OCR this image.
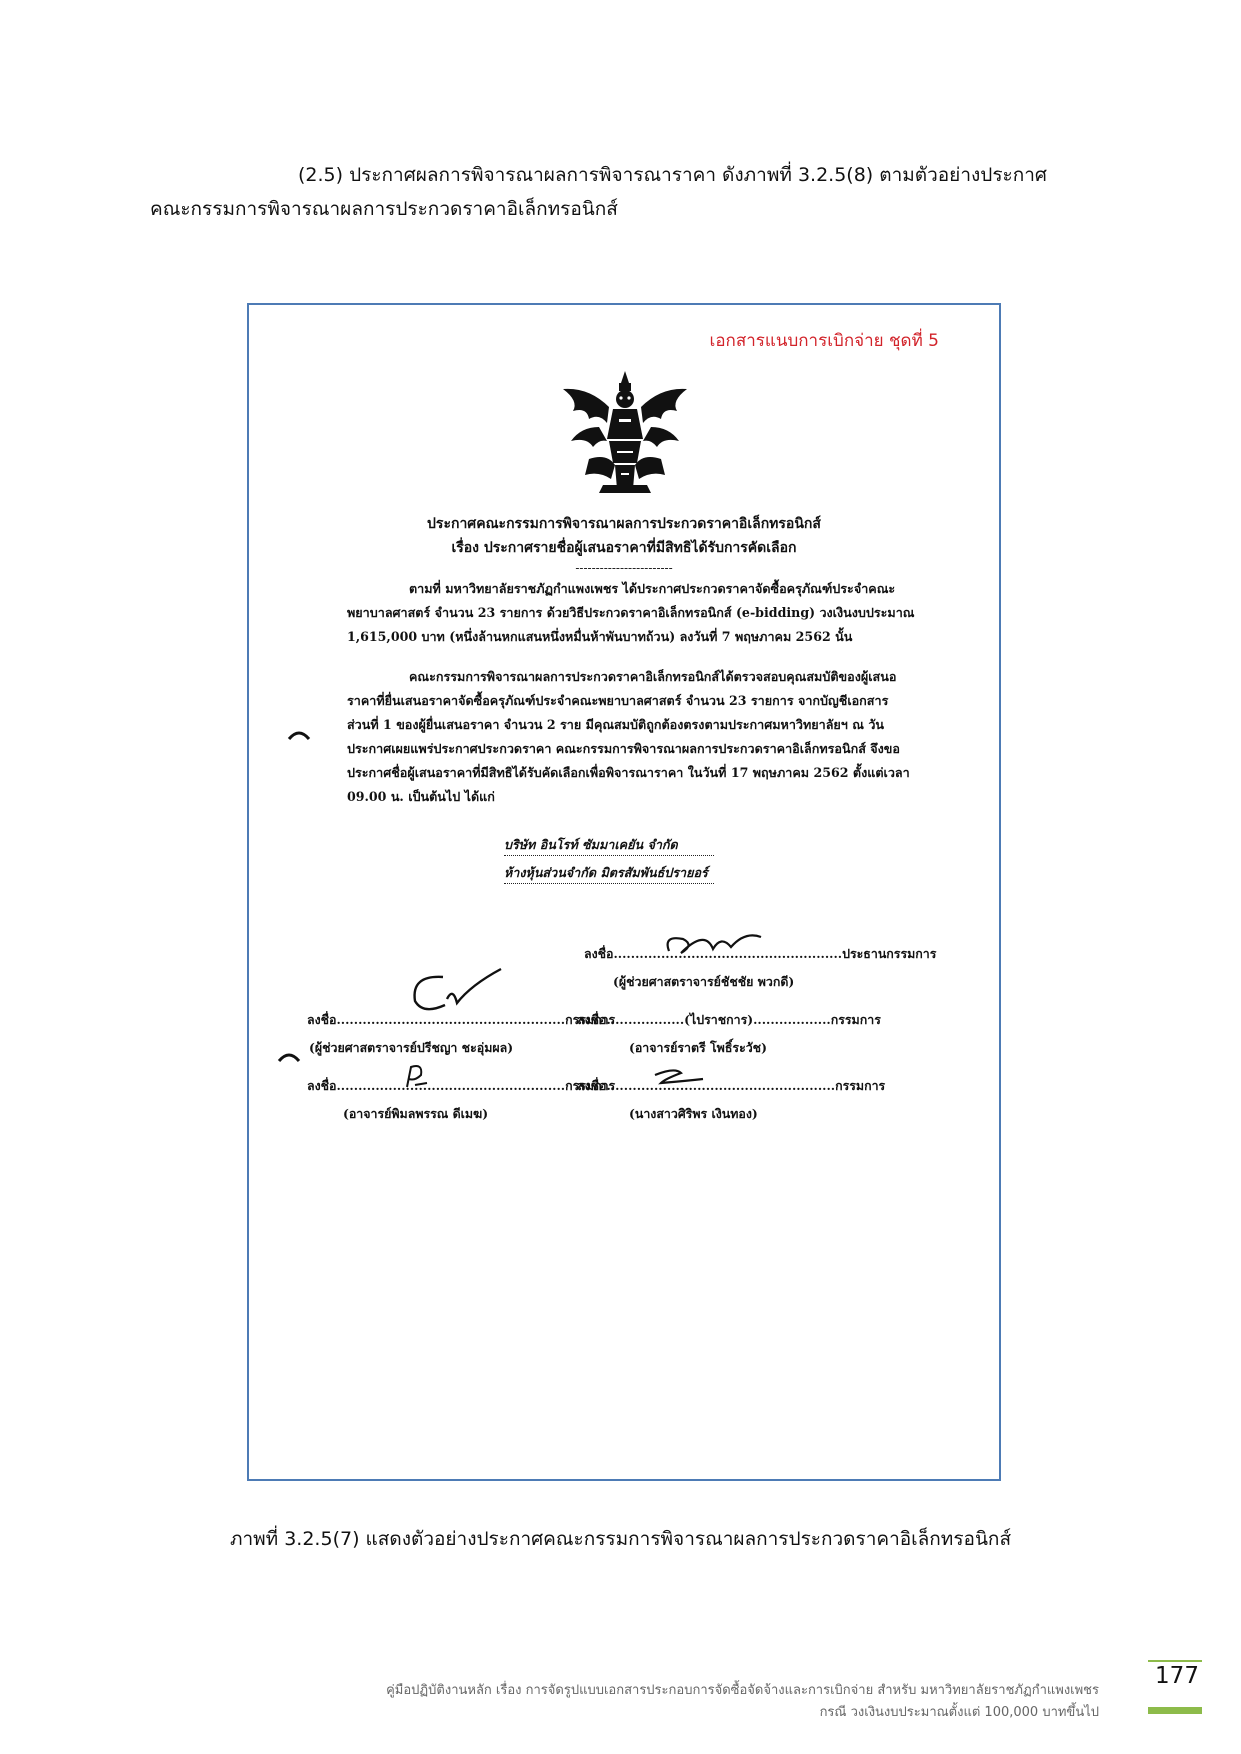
(2.5) ประกาศผลการพิจารณาผลการพิจารณาราคา ดังภาพที่ 3.2.5(8) ตามตัวอย่างประกาศ
คณะกรรมการพิจารณาผลการประกวดราคาอิเล็กทรอนิกส์
เอกสารแนบการเบิกจ่าย ชุดที่ 5
ประกาศคณะกรรมการพิจารณาผลการประกวดราคาอิเล็กทรอนิกส์
เรื่อง ประกาศรายชื่อผู้เสนอราคาที่มีสิทธิได้รับการคัดเลือก
------------------------
ตามที่ มหาวิทยาลัยราชภัฏกำแพงเพชร ได้ประกาศประกวดราคาจัดซื้อครุภัณฑ์ประจำคณะ
พยาบาลศาสตร์ จำนวน 23 รายการ ด้วยวิธีประกวดราคาอิเล็กทรอนิกส์ (e-bidding) วงเงินงบประมาณ
1,615,000 บาท (หนึ่งล้านหกแสนหนึ่งหมื่นห้าพันบาทถ้วน) ลงวันที่ 7 พฤษภาคม 2562 นั้น
คณะกรรมการพิจารณาผลการประกวดราคาอิเล็กทรอนิกส์ได้ตรวจสอบคุณสมบัติของผู้เสนอ
ราคาที่ยื่นเสนอราคาจัดซื้อครุภัณฑ์ประจำคณะพยาบาลศาสตร์ จำนวน 23 รายการ จากบัญชีเอกสาร
ส่วนที่ 1 ของผู้ยื่นเสนอราคา จำนวน 2 ราย มีคุณสมบัติถูกต้องตรงตามประกาศมหาวิทยาลัยฯ ณ วัน
ประกาศเผยแพร่ประกาศประกวดราคา คณะกรรมการพิจารณาผลการประกวดราคาอิเล็กทรอนิกส์ จึงขอ
ประกาศชื่อผู้เสนอราคาที่มีสิทธิได้รับคัดเลือกเพื่อพิจารณาราคา ในวันที่ 17 พฤษภาคม 2562 ตั้งแต่เวลา
09.00 น. เป็นต้นไป ได้แก่
บริษัท อินโรท์ ซัมมาเคยัน จำกัด
ห้างหุ้นส่วนจำกัด มิตรสัมพันธ์ปรายอร์
ลงชื่อ.....................................................ประธานกรรมการ
(ผู้ช่วยศาสตราจารย์ชัชชัย พวกดี)
ลงชื่อ.....................................................กรรมการ
ลงชื่อ..................(ไปราชการ)..................กรรมการ
(ผู้ช่วยศาสตราจารย์ปรีชญา ชะอุ่มผล)	(อาจารย์ราตรี โพธิ์ระวัช)
ลงชื่อ.....................................................กรรมการ
ลงชื่อ.....................................................กรรมการ
(อาจารย์พิมลพรรณ ดีเมฆ)	(นางสาวศิริพร เงินทอง)
ภาพที่ 3.2.5(7) แสดงตัวอย่างประกาศคณะกรรมการพิจารณาผลการประกวดราคาอิเล็กทรอนิกส์
คู่มือปฏิบัติงานหลัก เรื่อง การจัดรูปแบบเอกสารประกอบการจัดซื้อจัดจ้างและการเบิกจ่าย สำหรับ มหาวิทยาลัยราชภัฏกำแพงเพชร
กรณี วงเงินงบประมาณตั้งแต่ 100,000 บาทขึ้นไป
177
